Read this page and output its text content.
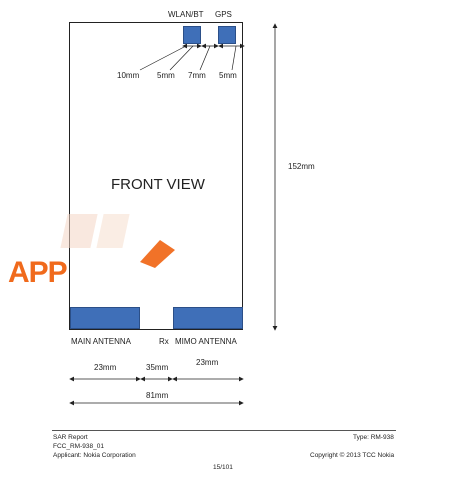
WLAN/BT GPS
10mm 5mm 7mm 5mm
152mm
FRONT VIEW
APP
MAIN ANTENNA	Rx MIMO ANTENNA
23mm	35mm
23mm
81mm
SAR Report
FCC_RM-938_01
Applicant: Nokia Corporation
Type: RM-938
Copyright © 2013 TCC Nokia
15/101
